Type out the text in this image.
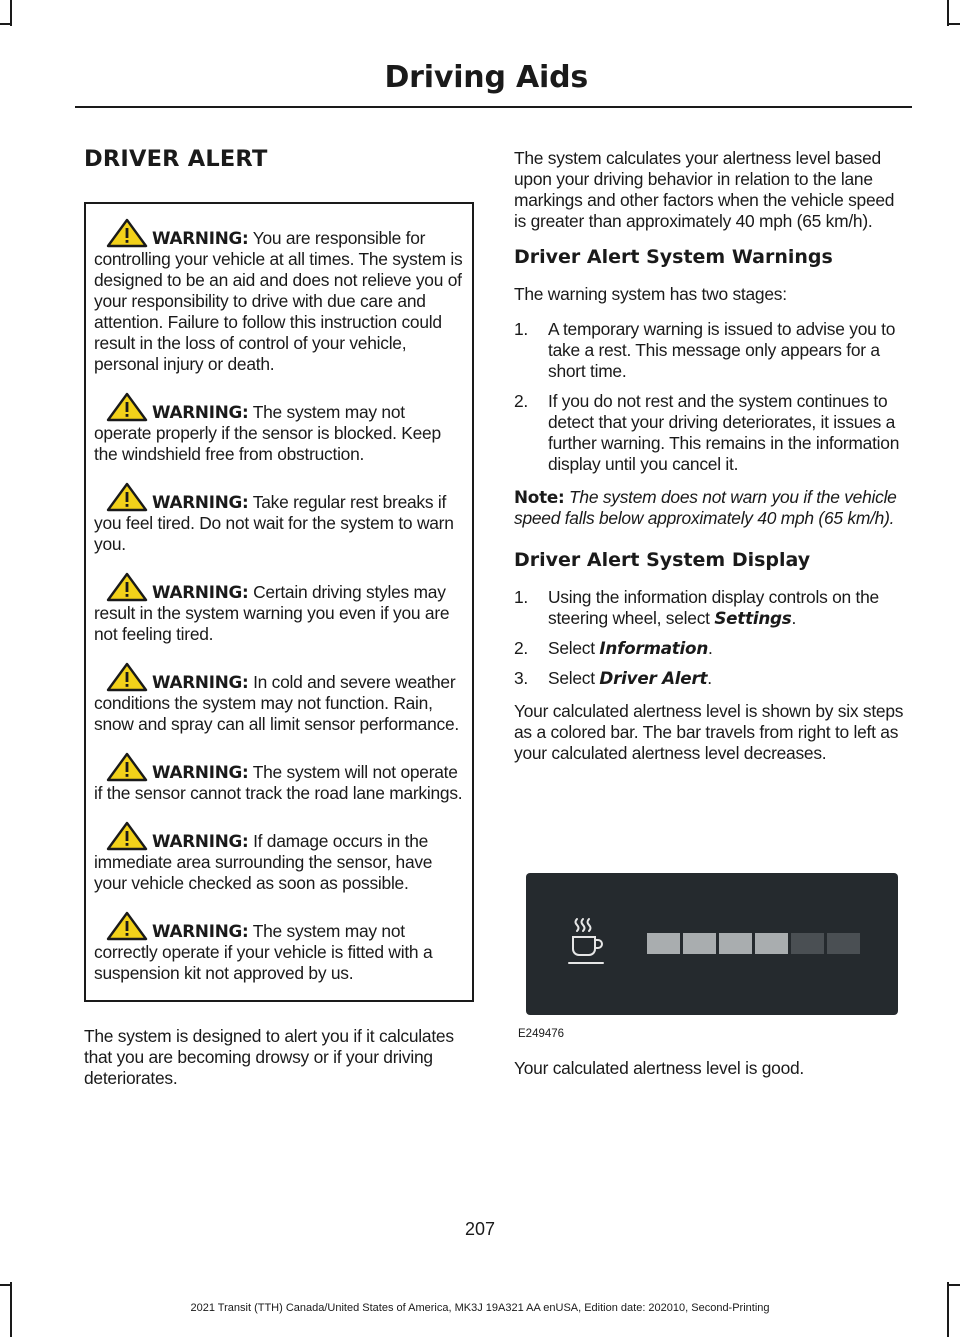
Driving Aids
DRIVER ALERT

WARNING: You are responsible for controlling your vehicle at all times. The system is designed to be an aid and does not relieve you of your responsibility to drive with due care and attention. Failure to follow this instruction could result in the loss of control of your vehicle, personal injury or death.

WARNING: The system may not operate properly if the sensor is blocked. Keep the windshield free from obstruction.

WARNING: Take regular rest breaks if you feel tired. Do not wait for the system to warn you.

WARNING: Certain driving styles may result in the system warning you even if you are not feeling tired.

WARNING: In cold and severe weather conditions the system may not function. Rain, snow and spray can all limit sensor performance.

WARNING: The system will not operate if the sensor cannot track the road lane markings.

WARNING: If damage occurs in the immediate area surrounding the sensor, have your vehicle checked as soon as possible.

WARNING: The system may not correctly operate if your vehicle is fitted with a suspension kit not approved by us.

The system is designed to alert you if it calculates that you are becoming drowsy or if your driving deteriorates.

The system calculates your alertness level based upon your driving behavior in relation to the lane markings and other factors when the vehicle speed is greater than approximately 40 mph (65 km/h).

Driver Alert System Warnings

The warning system has two stages:

1. A temporary warning is issued to advise you to take a rest. This message only appears for a short time.
2. If you do not rest and the system continues to detect that your driving deteriorates, it issues a further warning. This remains in the information display until you cancel it.

Note: The system does not warn you if the vehicle speed falls below approximately 40 mph (65 km/h).

Driver Alert System Display
1. Using the information display controls on the steering wheel, select Settings.
2. Select Information.
3. Select Driver Alert.

Your calculated alertness level is shown by six steps as a colored bar. The bar travels from right to left as your calculated alertness level decreases.

E249476
Your calculated alertness level is good.
207
2021 Transit (TTH) Canada/United States of America, MK3J 19A321 AA enUSA, Edition date: 202010, Second-Printing
